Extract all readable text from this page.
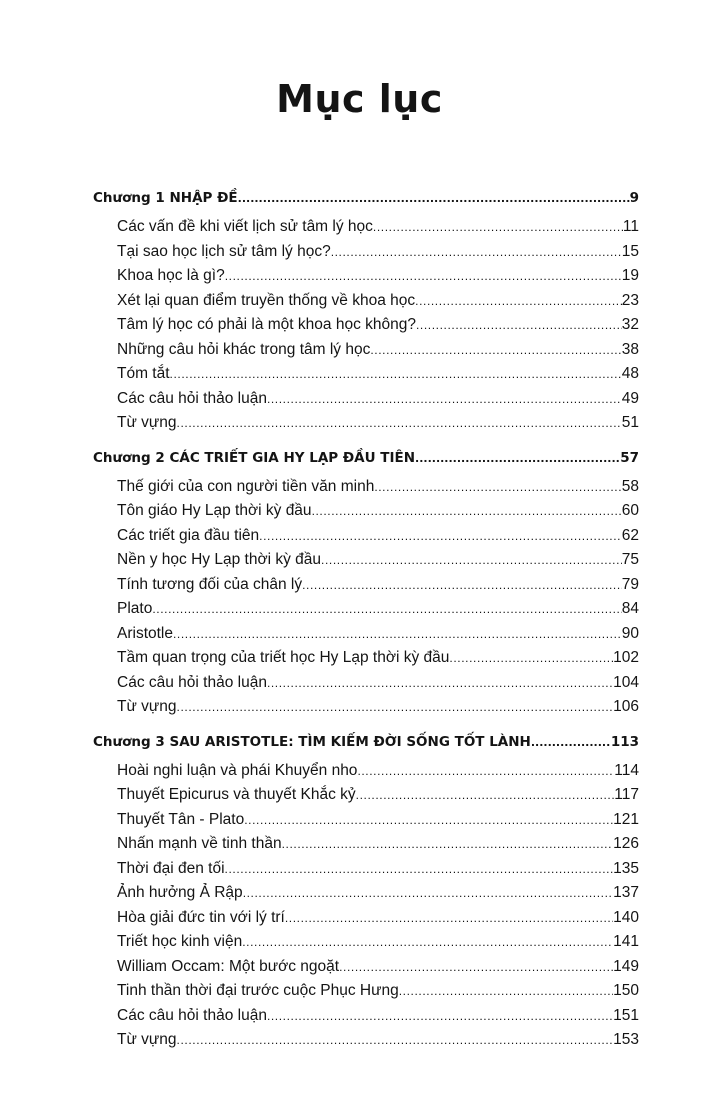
Mục lục
Chương 1 NHẬP ĐỀ .....	9
Các vấn đề khi viết lịch sử tâm lý học .....	11
Tại sao học lịch sử tâm lý học? .....	15
Khoa học là gì? .....	19
Xét lại quan điểm truyền thống về khoa học .....	23
Tâm lý học có phải là một khoa học không? .....	32
Những câu hỏi khác trong tâm lý học .....	38
Tóm tắt .....	48
Các câu hỏi thảo luận .....	49
Từ vựng .....	51
Chương 2 CÁC TRIẾT GIA HY LẠP ĐẦU TIÊN .....	57
Thế giới của con người tiền văn minh .....	58
Tôn giáo Hy Lạp thời kỳ đầu .....	60
Các triết gia đầu tiên .....	62
Nền y học Hy Lạp thời kỳ đầu .....	75
Tính tương đối của chân lý .....	79
Plato .....	84
Aristotle .....	90
Tầm quan trọng của triết học Hy Lạp thời kỳ đầu .....	102
Các câu hỏi thảo luận .....	104
Từ vựng .....	106
Chương 3 SAU ARISTOTLE: TÌM KIẾM ĐỜI SỐNG TỐT LÀNH .....	113
Hoài nghi luận và phái Khuyển nho .....	114
Thuyết Epicurus và thuyết Khắc kỷ .....	117
Thuyết Tân - Plato .....	121
Nhấn mạnh về tinh thần .....	126
Thời đại đen tối .....	135
Ảnh hưởng Ả Rập .....	137
Hòa giải đức tin với lý trí .....	140
Triết học kinh viện .....	141
William Occam: Một bước ngoặt .....	149
Tinh thần thời đại trước cuộc Phục Hưng .....	150
Các câu hỏi thảo luận .....	151
Từ vựng .....	153
